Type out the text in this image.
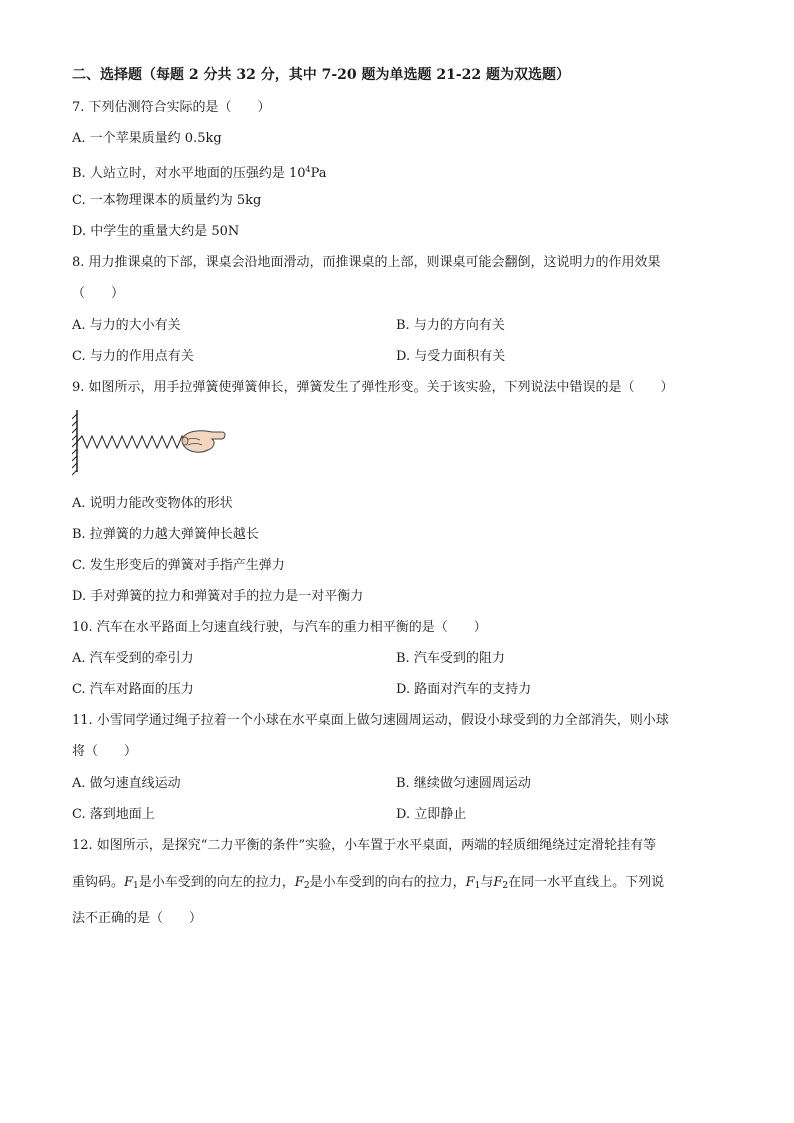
二、选择题（每题 2 分共 32 分，其中 7-20 题为单选题 21-22 题为双选题）
7. 下列估测符合实际的是（　　）
A. 一个苹果质量约 0.5kg
B. 人站立时，对水平地面的压强约是 $10^4Pa$
C. 一本物理课本的质量约为 5kg
D. 中学生的重量大约是 50N
8. 用力推课桌的下部，课桌会沿地面滑动，而推课桌的上部，则课桌可能会翻倒，这说明力的作用效果
（　　）
A. 与力的大小有关	B. 与力的方向有关
C. 与力的作用点有关	D. 与受力面积有关
9. 如图所示，用手拉弹簧使弹簧伸长，弹簧发生了弹性形变。关于该实验，下列说法中错误的是（　　）
A. 说明力能改变物体的形状
B. 拉弹簧的力越大弹簧伸长越长
C. 发生形变后的弹簧对手指产生弹力
D. 手对弹簧的拉力和弹簧对手的拉力是一对平衡力
10. 汽车在水平路面上匀速直线行驶，与汽车的重力相平衡的是（　　）
A. 汽车受到的牵引力	B. 汽车受到的阻力
C. 汽车对路面的压力	D. 路面对汽车的支持力
11. 小雪同学通过绳子拉着一个小球在水平桌面上做匀速圆周运动，假设小球受到的力全部消失，则小球
将（　　）
A. 做匀速直线运动	B. 继续做匀速圆周运动
C. 落到地面上	D. 立即静止
12. 如图所示，是探究“二力平衡的条件”实验，小车置于水平桌面，两端的轻质细绳绕过定滑轮挂有等
重钩码。$F_1$是小车受到的向左的拉力，$F_2$是小车受到的向右的拉力，$F_1$与$F_2$在同一水平直线上。下列说
法不正确的是（　　）
